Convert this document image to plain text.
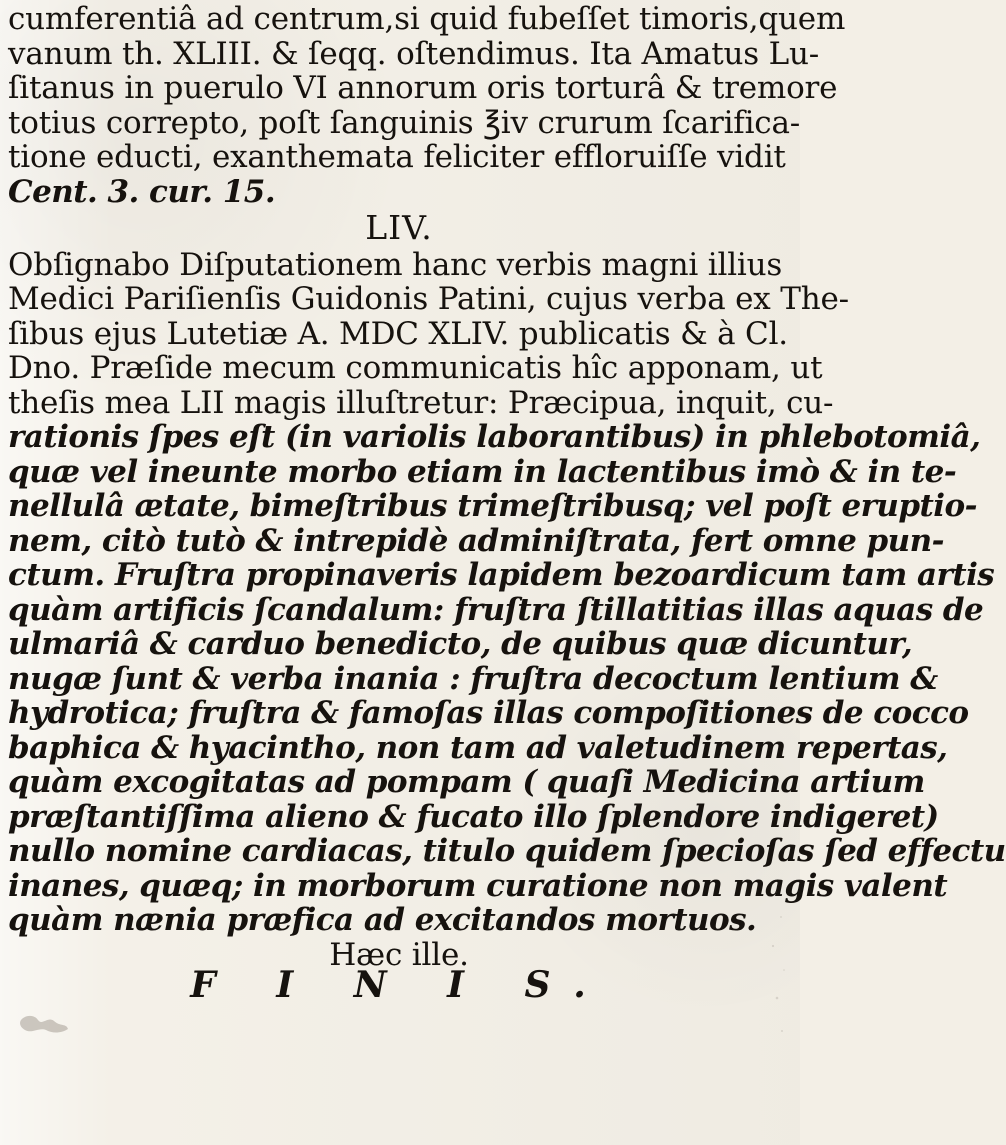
cumferentiâ ad centrum,si quid fubeſſet timoris,quem
vanum th. XLIII. & ſeqq. oſtendimus. Ita Amatus Lu-
ſitanus in puerulo VI annorum oris torturâ & tremore
totius correpto, poſt ſanguinis ℥iv crurum ſcarifica-
tione educti, exanthemata feliciter effloruiſſe vidit
Cent. 3. cur. 15.
LIV.
Obſignabo Diſputationem hanc verbis magni illius
Medici Pariſienſis Guidonis Patini, cujus verba ex The-
ſibus ejus Lutetiæ A. MDC XLIV. publicatis & à Cl.
Dno. Præſide mecum communicatis hîc apponam, ut
theſis mea LII magis illuſtretur: Præcipua, inquit, cu-
rationis ſpes eſt (in variolis laborantibus) in phlebotomiâ,
quæ vel ineunte morbo etiam in lactentibus imò & in te-
nellulâ ætate, bimeſtribus trimeſtribusq; vel poſt eruptio-
nem, citò tutò & intrepidè adminiſtrata, fert omne pun-
ctum. Fruſtra propinaveris lapidem bezoardicum tam artis
quàm artificis ſcandalum: fruſtra ſtillatitias illas aquas de
ulmariâ & carduo benedicto, de quibus quæ dicuntur,
nugæ ſunt & verba inania : fruſtra decoctum lentium &
hydrotica; fruſtra & famoſas illas compoſitiones de cocco
baphica & hyacintho, non tam ad valetudinem repertas,
quàm excogitatas ad pompam ( quaſi Medicina artium
præſtantiſſima alieno & fucato illo ſplendore indigeret)
nullo nomine cardiacas, titulo quidem ſpecioſas ſed effectu
inanes, quæq; in morborum curatione non magis valent
quàm nænia præfica ad excitandos mortuos.
Hæc ille.
F I N I S.
